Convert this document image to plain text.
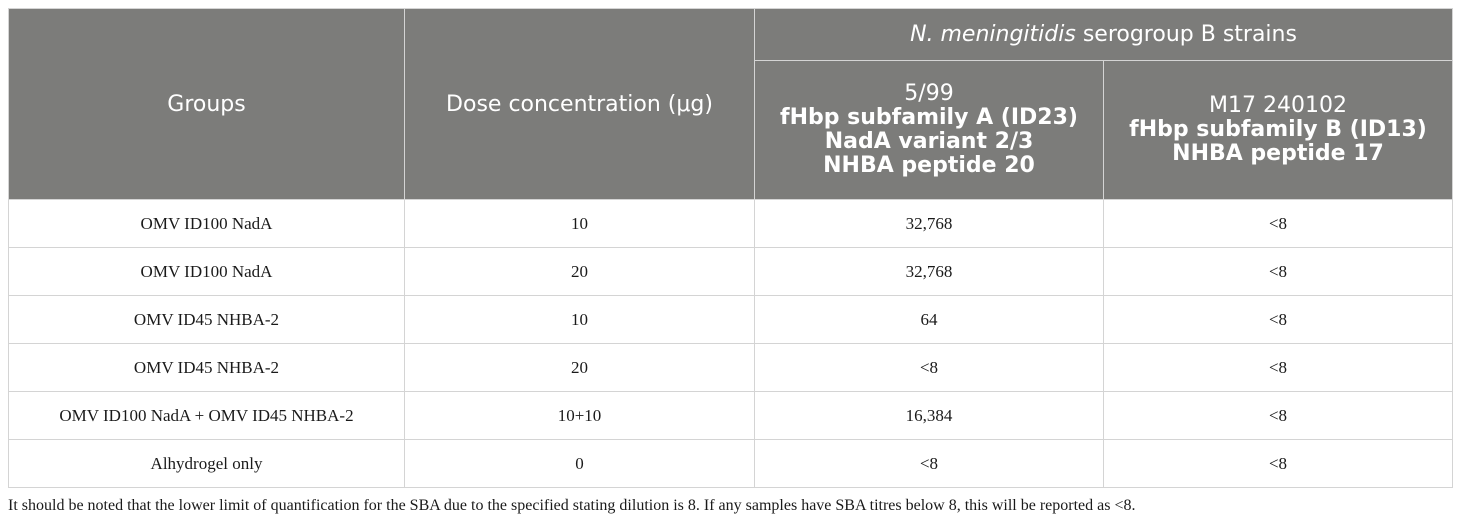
Groups	Dose concentration (μg)	N. meningitidis serogroup B strains	

		5/99
fHbp subfamily A (ID23)
NadA variant 2/3
NHBA peptide 20	M17 240102
fHbp subfamily B (ID13)
NHBA peptide 17

OMV ID100 NadA	10	32,768	<8
OMV ID100 NadA	20	32,768	<8
OMV ID45 NHBA-2	10	64	<8
OMV ID45 NHBA-2	20	<8	<8
OMV ID100 NadA + OMV ID45 NHBA-2	10+10	16,384	<8
Alhydrogel only	0	<8	<8
It should be noted that the lower limit of quantification for the SBA due to the specified stating dilution is 8. If any samples have SBA titres below 8, this will be reported as <8.
